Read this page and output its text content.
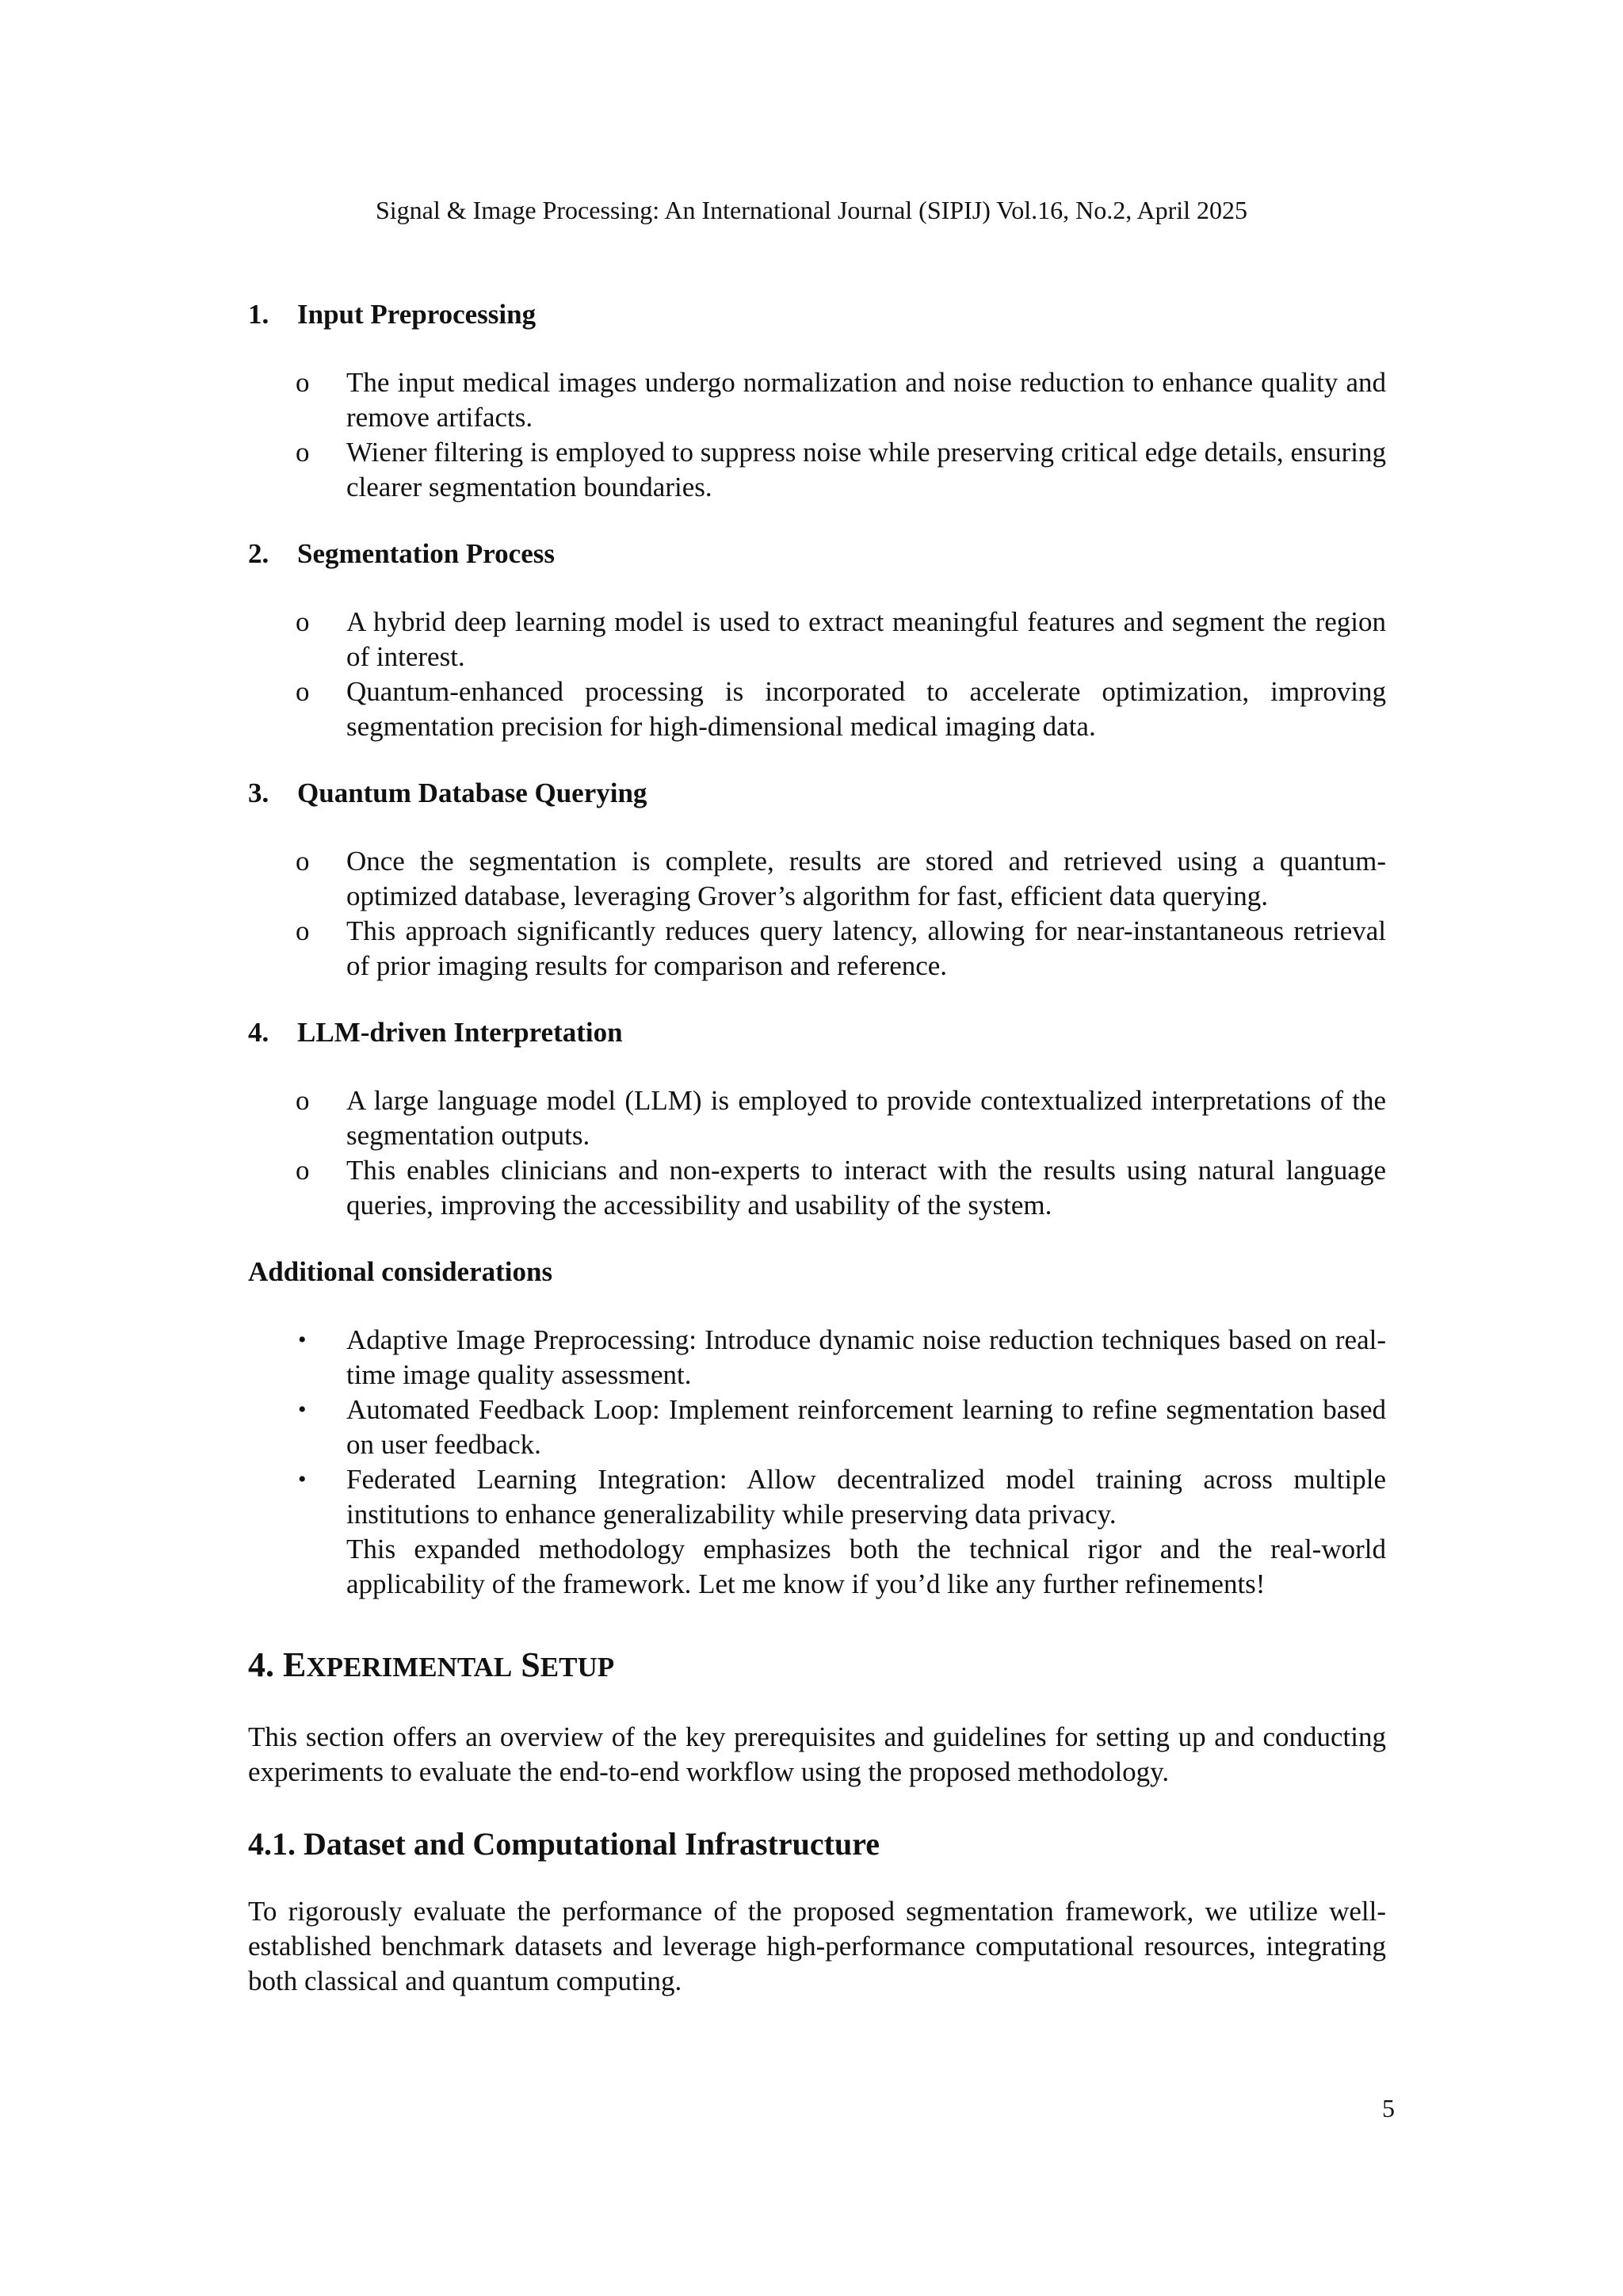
Signal & Image Processing: An International Journal (SIPIJ) Vol.16, No.2, April 2025
1.	Input Preprocessing
o The input medical images undergo normalization and noise reduction to enhance quality and remove artifacts.
o Wiener filtering is employed to suppress noise while preserving critical edge details, ensuring clearer segmentation boundaries.
2.	Segmentation Process
o A hybrid deep learning model is used to extract meaningful features and segment the region of interest.
o Quantum-enhanced processing is incorporated to accelerate optimization, improving segmentation precision for high-dimensional medical imaging data.
3.	Quantum Database Querying
o Once the segmentation is complete, results are stored and retrieved using a quantum-optimized database, leveraging Grover’s algorithm for fast, efficient data querying.
o This approach significantly reduces query latency, allowing for near-instantaneous retrieval of prior imaging results for comparison and reference.
4.	LLM-driven Interpretation
o A large language model (LLM) is employed to provide contextualized interpretations of the segmentation outputs.
o This enables clinicians and non-experts to interact with the results using natural language queries, improving the accessibility and usability of the system.
Additional considerations
• Adaptive Image Preprocessing: Introduce dynamic noise reduction techniques based on real-time image quality assessment.
• Automated Feedback Loop: Implement reinforcement learning to refine segmentation based on user feedback.
• Federated Learning Integration: Allow decentralized model training across multiple institutions to enhance generalizability while preserving data privacy.
This expanded methodology emphasizes both the technical rigor and the real-world applicability of the framework. Let me know if you’d like any further refinements!
4. EXPERIMENTAL SETUP

This section offers an overview of the key prerequisites and guidelines for setting up and conducting experiments to evaluate the end-to-end workflow using the proposed methodology.

4.1. Dataset and Computational Infrastructure

To rigorously evaluate the performance of the proposed segmentation framework, we utilize well-established benchmark datasets and leverage high-performance computational resources, integrating both classical and quantum computing.

5
